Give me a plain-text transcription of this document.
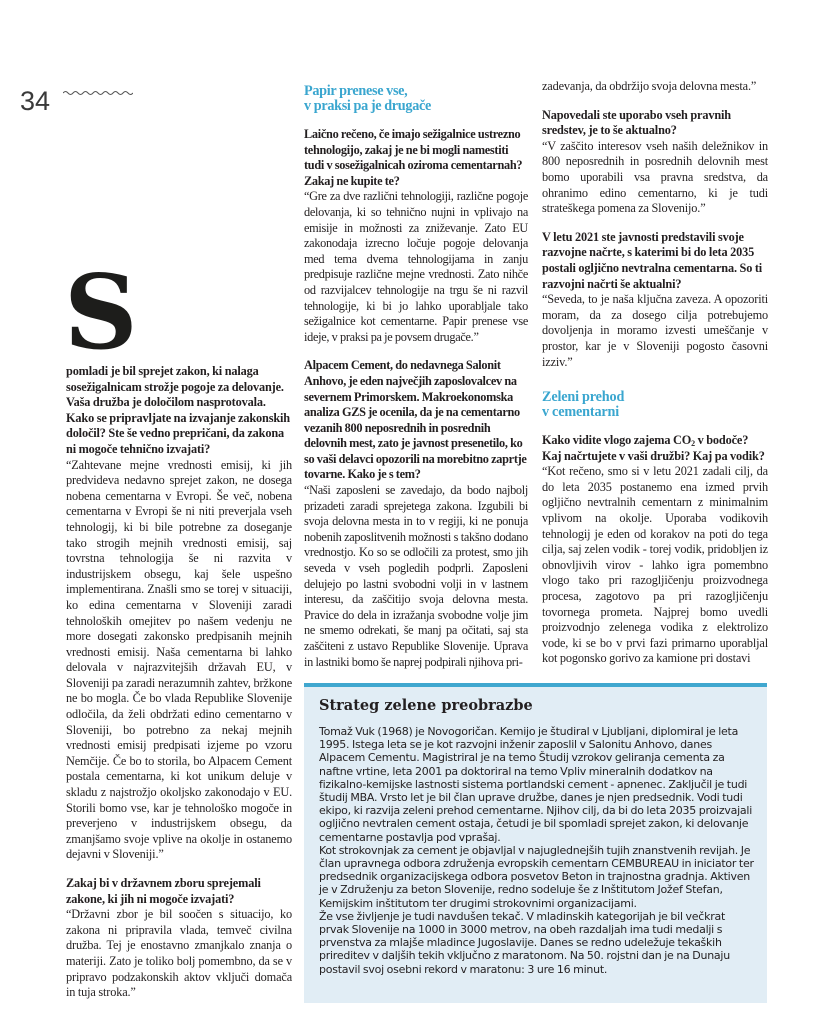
34
S

pomladi je bil sprejet zakon, ki nalaga sosežigalnicam strožje pogoje za delovanje. Vaša družba je določilom nasprotovala. Kako se pripravljate na izvajanje zakonskih določil? Ste še vedno prepričani, da zakona ni mogoče tehnično izvajati?

“Zahtevane mejne vrednosti emisij, ki jih predvideva nedavno sprejet zakon, ne dosega nobena cementarna v Evropi. Še več, nobena cementarna v Evropi še ni niti preverjala vseh tehnologij, ki bi bile potrebne za doseganje tako strogih mejnih vrednosti emisij, saj tovrstna tehnologija še ni razvita v industrijskem obsegu, kaj šele uspešno implementirana. Znašli smo se torej v situaciji, ko edina cementarna v Sloveniji zaradi tehnoloških omejitev po našem vedenju ne more dosegati zakonsko predpisanih mejnih vrednosti emisij. Naša cementarna bi lahko delovala v najrazvitejših državah EU, v Sloveniji pa zaradi nerazumnih zahtev, bržkone ne bo mogla. Če bo vlada Republike Slovenije odločila, da želi obdržati edino cementarno v Sloveniji, bo potrebno za nekaj mejnih vrednosti emisij predpisati izjeme po vzoru Nemčije. Če bo to storila, bo Alpacem Cement postala cementarna, ki kot unikum deluje v skladu z najstrožjo okoljsko zakonodajo v EU. Storili bomo vse, kar je tehnološko mogoče in preverjeno v industrijskem obsegu, da zmanjšamo svoje vplive na okolje in ostanemo dejavni v Sloveniji.”

Zakaj bi v državnem zboru sprejemali zakone, ki jih ni mogoče izvajati?

“Državni zbor je bil soočen s situacijo, ko zakona ni pripravila vlada, temveč civilna družba. Tej je enostavno zmanjkalo znanja o materiji. Zato je toliko bolj pomembno, da se v pripravo podzakonskih aktov vključi domača in tuja stroka.”

Papir prenese vse,
v praksi pa je drugače

Laično rečeno, če imajo sežigalnice ustrezno tehnologijo, zakaj je ne bi mogli namestiti tudi v sosežigalnicah oziroma cementarnah? Zakaj ne kupite te?

“Gre za dve različni tehnologiji, različne pogoje delovanja, ki so tehnično nujni in vplivajo na emisije in možnosti za zniževanje. Zato EU zakonodaja izrecno ločuje pogoje delovanja med tema dvema tehnologijama in zanju predpisuje različne mejne vrednosti. Zato nihče od razvijalcev tehnologije na trgu še ni razvil tehnologije, ki bi jo lahko uporabljale tako sežigalnice kot cementarne. Papir prenese vse ideje, v praksi pa je povsem drugače.”

Alpacem Cement, do nedavnega Salonit Anhovo, je eden največjih zaposlovalcev na severnem Primorskem. Makroekonomska analiza GZS je ocenila, da je na cementarno vezanih 800 neposrednih in posrednih delovnih mest, zato je javnost presenetilo, ko so vaši delavci opozorili na morebitno zaprtje tovarne. Kako je s tem?

“Naši zaposleni se zavedajo, da bodo najbolj prizadeti zaradi sprejetega zakona. Izgubili bi svoja delovna mesta in to v regiji, ki ne ponuja nobenih zaposlitvenih možnosti s takšno dodano vrednostjo. Ko so se odločili za protest, smo jih seveda v vseh pogledih podprli. Zaposleni delujejo po lastni svobodni volji in v lastnem interesu, da zaščitijo svoja delovna mesta. Pravice do dela in izražanja svobodne volje jim ne smemo odrekati, še manj pa očitati, saj sta zaščiteni z ustavo Republike Slovenije. Uprava in lastniki bomo še naprej podpirali njihova pri-

zadevanja, da obdržijo svoja delovna mesta.”

Napovedali ste uporabo vseh pravnih sredstev, je to še aktualno?

“V zaščito interesov vseh naših deležnikov in 800 neposrednih in posrednih delovnih mest bomo uporabili vsa pravna sredstva, da ohranimo edino cementarno, ki je tudi strateškega pomena za Slovenijo.”

V letu 2021 ste javnosti predstavili svoje razvojne načrte, s katerimi bi do leta 2035 postali ogljično nevtralna cementarna. So ti razvojni načrti še aktualni?

“Seveda, to je naša ključna zaveza. A opozoriti moram, da za dosego cilja potrebujemo dovoljenja in moramo izvesti umeščanje v prostor, kar je v Sloveniji pogosto časovni izziv.”

Zeleni prehod
v cementarni

Kako vidite vlogo zajema $CO_2$ v bodoče? Kaj načrtujete v vaši družbi? Kaj pa vodik?

“Kot rečeno, smo si v letu 2021 zadali cilj, da do leta 2035 postanemo ena izmed prvih ogljično nevtralnih cementarn z minimalnim vplivom na okolje. Uporaba vodikovih tehnologij je eden od korakov na poti do tega cilja, saj zelen vodik - torej vodik, pridobljen iz obnovljivih virov - lahko igra pomembno vlogo tako pri razogljičenju proizvodnega procesa, zagotovo pa pri razogljičenju tovornega prometa. Najprej bomo uvedli proizvodnjo zelenega vodika z elektrolizo vode, ki se bo v prvi fazi primarno uporabljal kot pogonsko gorivo za kamione pri dostavi

Strateg zelene preobrazbe

Tomaž Vuk (1968) je Novogoričan. Kemijo je študiral v Ljubljani, diplomiral je leta 1995. Istega leta se je kot razvojni inženir zaposlil v Salonitu Anhovo, danes Alpacem Cementu. Magistriral je na temo Študij vzrokov geliranja cementa za naftne vrtine, leta 2001 pa doktoriral na temo Vpliv mineralnih dodatkov na fizikalno-kemijske lastnosti sistema portlandski cement - apnenec. Zaključil je tudi študij MBA. Vrsto let je bil član uprave družbe, danes je njen predsednik. Vodi tudi ekipo, ki razvija zeleni prehod cementarne. Njihov cilj, da bi do leta 2035 proizvajali ogljično nevtralen cement ostaja, četudi je bil spomladi sprejet zakon, ki delovanje cementarne postavlja pod vprašaj.

Kot strokovnjak za cement je objavljal v najuglednejših tujih znanstvenih revijah. Je član upravnega odbora združenja evropskih cementarn CEMBUREAU in iniciator ter predsednik organizacijskega odbora posvetov Beton in trajnostna gradnja. Aktiven je v Združenju za beton Slovenije, redno sodeluje še z Inštitutom Jožef Stefan, Kemijskim inštitutom ter drugimi strokovnimi organizacijami.

Že vse življenje je tudi navdušen tekač. V mladinskih kategorijah je bil večkrat prvak Slovenije na 1000 in 3000 metrov, na obeh razdaljah ima tudi medalji s prvenstva za mlajše mladince Jugoslavije. Danes se redno udeležuje tekaških prireditev v daljših tekih vključno z maratonom. Na 50. rojstni dan je na Dunaju postavil svoj osebni rekord v maratonu: 3 ure 16 minut.
